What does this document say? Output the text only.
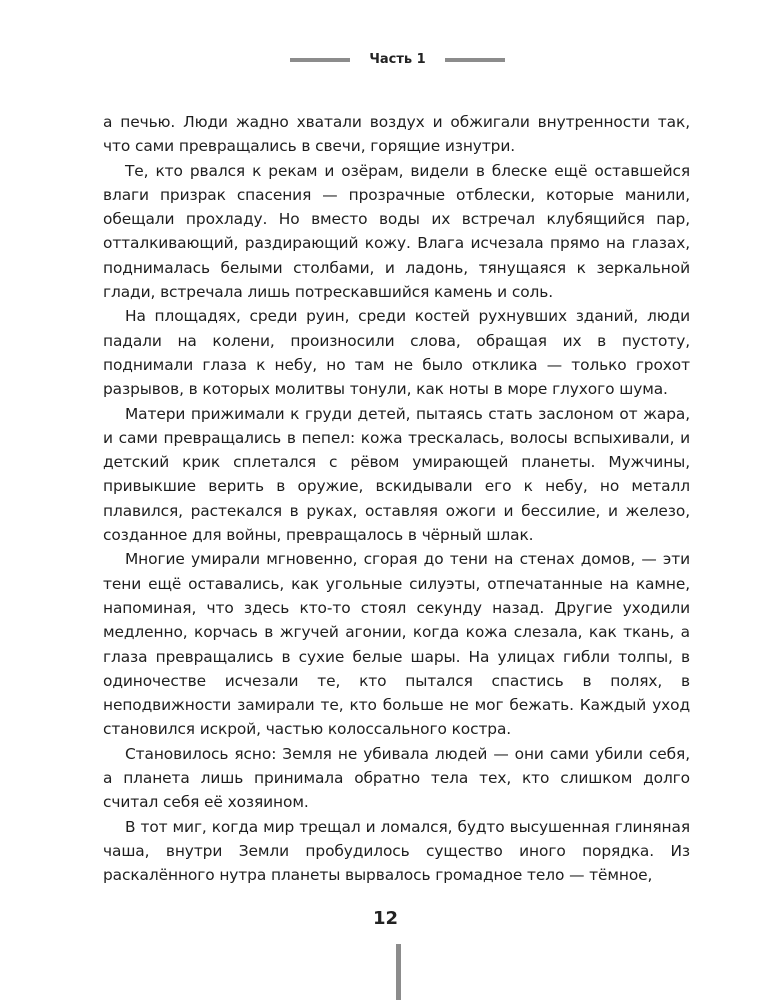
Часть 1

а печью. Люди жадно хватали воздух и обжигали внутренности так, что сами превращались в свечи, горящие изнутри.

Те, кто рвался к рекам и озёрам, видели в блеске ещё оставшейся влаги призрак спасения — прозрачные отблески, которые манили, обещали прохладу. Но вместо воды их встречал клубящийся пар, отталкивающий, раздирающий кожу. Влага исчезала прямо на глазах, поднималась белыми столбами, и ладонь, тянущаяся к зеркальной глади, встречала лишь потрескавшийся камень и соль.

На площадях, среди руин, среди костей рухнувших зданий, люди падали на колени, произносили слова, обращая их в пустоту, поднимали глаза к небу, но там не было отклика — только грохот разрывов, в которых молитвы тонули, как ноты в море глухого шума.

Матери прижимали к груди детей, пытаясь стать заслоном от жара, и сами превращались в пепел: кожа трескалась, волосы вспыхивали, и детский крик сплетался с рёвом умирающей планеты. Мужчины, привыкшие верить в оружие, вскидывали его к небу, но металл плавился, растекался в руках, оставляя ожоги и бессилие, и железо, созданное для войны, превращалось в чёрный шлак.

Многие умирали мгновенно, сгорая до тени на стенах домов, — эти тени ещё оставались, как угольные силуэты, отпечатанные на камне, напоминая, что здесь кто-то стоял секунду назад. Другие уходили медленно, корчась в жгучей агонии, когда кожа слезала, как ткань, а глаза превращались в сухие белые шары. На улицах гибли толпы, в одиночестве исчезали те, кто пытался спастись в полях, в неподвижности замирали те, кто больше не мог бежать. Каждый уход становился искрой, частью колоссального костра.

Становилось ясно: Земля не убивала людей — они сами убили себя, а планета лишь принимала обратно тела тех, кто слишком долго считал себя её хозяином.

В тот миг, когда мир трещал и ломался, будто высушенная глиняная чаша, внутри Земли пробудилось существо иного порядка. Из раскалённого нутра планеты вырвалось громадное тело — тёмное,

12
